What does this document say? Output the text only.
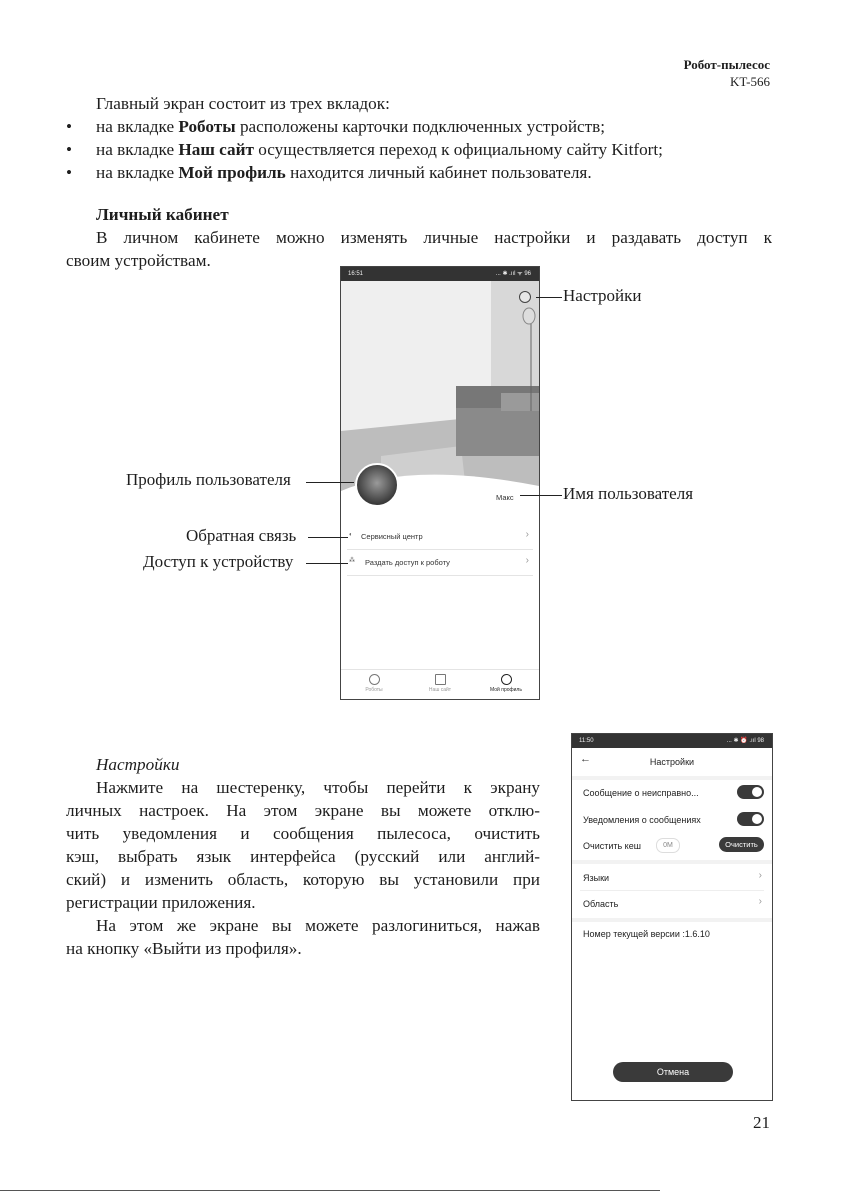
Робот-пылесос
KT-566
Главный экран состоит из трех вкладок:
• на вкладке Роботы расположены карточки подключенных устройств;
• на вкладке Наш сайт осуществляется переход к официальному сайту Kitfort;
• на вкладке Мой профиль находится личный кабинет пользователя.
Личный кабинет
В личном кабинете можно изменять личные настройки и раздавать доступ к
своим устройствам.
16:51	... ✱ .ııl ᯤ 96
Макс
◐ Сервисный центр	›
⁂ Раздать доступ к роботу	›
Роботы	Наш сайт	Мой профиль
Настройки
Профиль пользователя
Имя пользователя
Обратная связь
Доступ к устройству
Настройки
Нажмите на шестеренку, чтобы перейти к экрану
личных настроек. На этом экране вы можете отклю-
чить уведомления и сообщения пылесоса, очистить
кэш, выбрать язык интерфейса (русский или англий-
ский) и изменить область, которую вы установили при
регистрации приложения.
На этом же экране вы можете разлогиниться, нажав
на кнопку «Выйти из профиля».
11:50	... ✱ ⏰ .ııl 98
←	Настройки
Сообщение о неисправно...
Уведомления о сообщениях
Очистить кеш	0M	Очистить
Языки	›
Область	›
Номер текущей версии :1.6.10
Отмена
21
